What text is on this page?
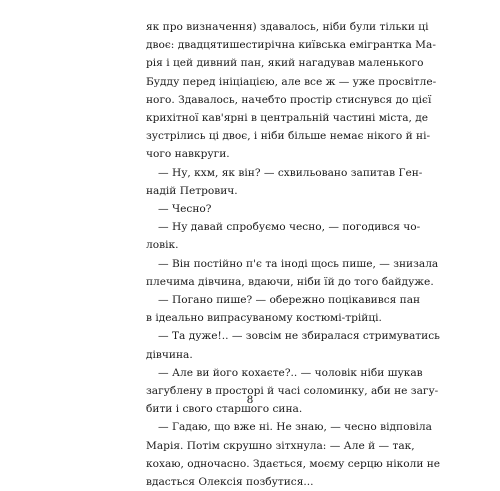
як про визначення) здавалось, ніби були тільки ці
двоє: двадцятишестирічна київська емігрантка Ма-
рія і цей дивний пан, який нагадував маленького
Будду перед ініціацією, але все ж — уже просвітле-
ного. Здавалось, начебто простір стиснувся до цієї
крихітної кав'ярні в центральній частині міста, де
зустрілись ці двоє, і ніби більше немає нікого й ні-
чого навкруги.
— Ну, кхм, як він? — схвильовано запитав Ген-
надій Петрович.
— Чесно?
— Ну давай спробуємо чесно, — погодився чо-
ловік.
— Він постійно п'є та іноді щось пише, — знизала
плечима дівчина, вдаючи, ніби їй до того байдуже.
— Погано пише? — обережно поцікавився пан
в ідеально випрасуваному костюмі-трійці.
— Та дуже!.. — зовсім не збиралася стримуватись
дівчина.
— Але ви його кохаєте?.. — чоловік ніби шукав
загублену в просторі й часі соломинку, аби не загу-
бити і свого старшого сина.
— Гадаю, що вже ні. Не знаю, — чесно відповіла
Марія. Потім скрушно зітхнула: — Але й — так,
кохаю, одночасно. Здається, моєму серцю ніколи не
вдасться Олексія позбутися...
8
